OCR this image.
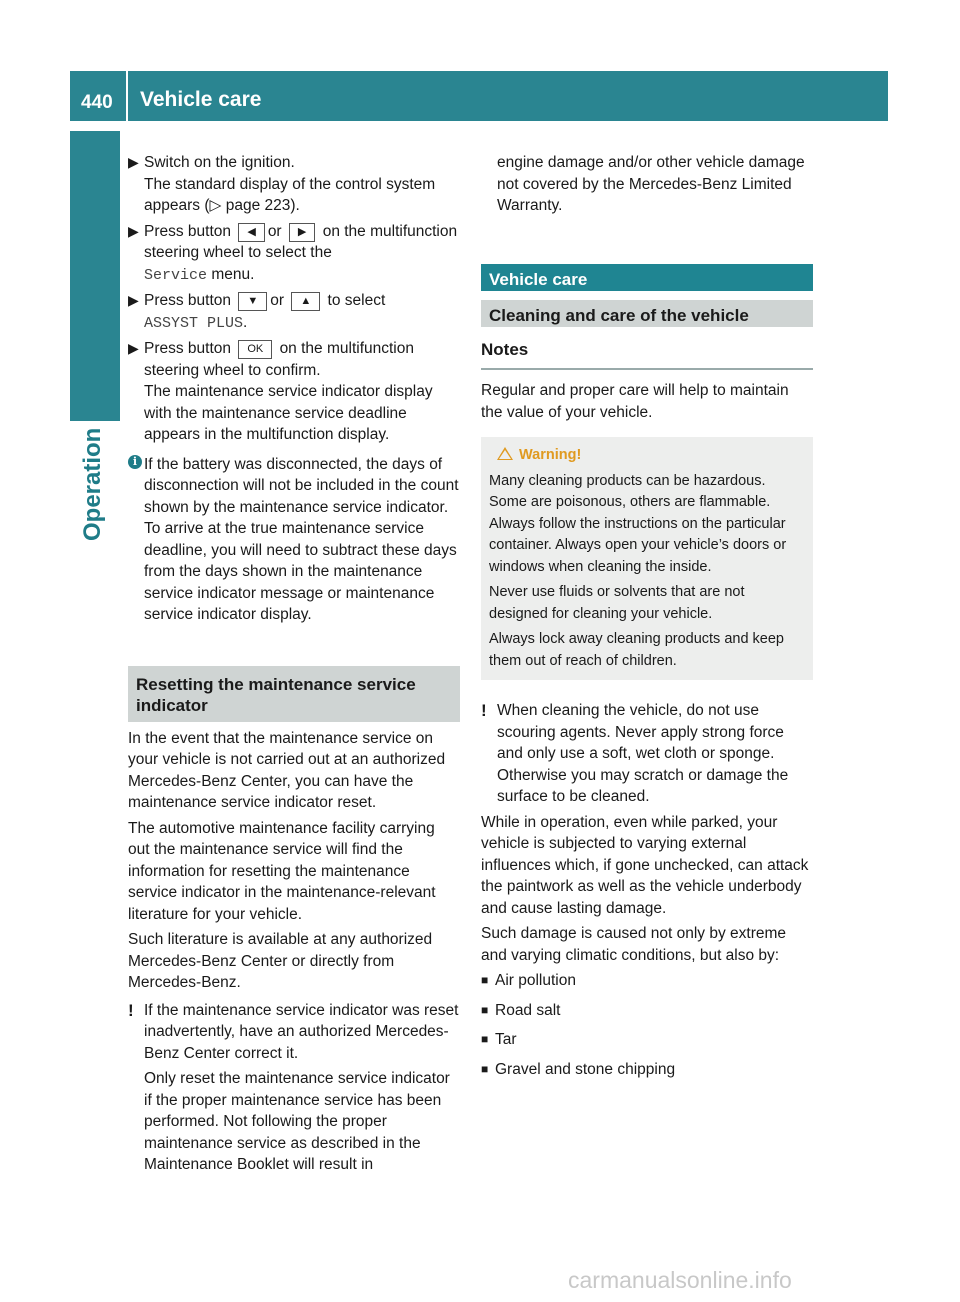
440 Vehicle care
Operation
▶ Switch on the ignition.
The standard display of the control system appears (▷ page 223).
▶ Press button ◀ or ▶ on the multifunction steering wheel to select the
Service menu.
▶ Press button ▼ or ▲ to select
ASSYST PLUS.
▶ Press button OK on the multifunction steering wheel to confirm.
The maintenance service indicator display with the maintenance service deadline appears in the multifunction display.
i If the battery was disconnected, the days of disconnection will not be included in the count shown by the maintenance service indicator. To arrive at the true maintenance service deadline, you will need to subtract these days from the days shown in the maintenance service indicator message or maintenance service indicator display.
Resetting the maintenance service indicator

In the event that the maintenance service on your vehicle is not carried out at an authorized Mercedes-Benz Center, you can have the maintenance service indicator reset.

The automotive maintenance facility carrying out the maintenance service will find the information for resetting the maintenance service indicator in the maintenance-relevant literature for your vehicle.

Such literature is available at any authorized Mercedes-Benz Center or directly from Mercedes-Benz.

! If the maintenance service indicator was reset inadvertently, have an authorized Mercedes-Benz Center correct it.

Only reset the maintenance service indicator if the proper maintenance service has been performed. Not following the proper maintenance service as described in the Maintenance Booklet will result in

engine damage and/or other vehicle damage not covered by the Mercedes-Benz Limited Warranty.
Vehicle care
Cleaning and care of the vehicle
Notes

Regular and proper care will help to maintain the value of your vehicle.

Warning!

Many cleaning products can be hazardous. Some are poisonous, others are flammable. Always follow the instructions on the particular container. Always open your vehicle’s doors or windows when cleaning the inside.

Never use fluids or solvents that are not designed for cleaning your vehicle.

Always lock away cleaning products and keep them out of reach of children.

! When cleaning the vehicle, do not use scouring agents. Never apply strong force and only use a soft, wet cloth or sponge. Otherwise you may scratch or damage the surface to be cleaned.

While in operation, even while parked, your vehicle is subjected to varying external influences which, if gone unchecked, can attack the paintwork as well as the vehicle underbody and cause lasting damage.

Such damage is caused not only by extreme and varying climatic conditions, but also by:

■ Air pollution
■ Road salt
■ Tar
■ Gravel and stone chipping
carmanualsonline.info
